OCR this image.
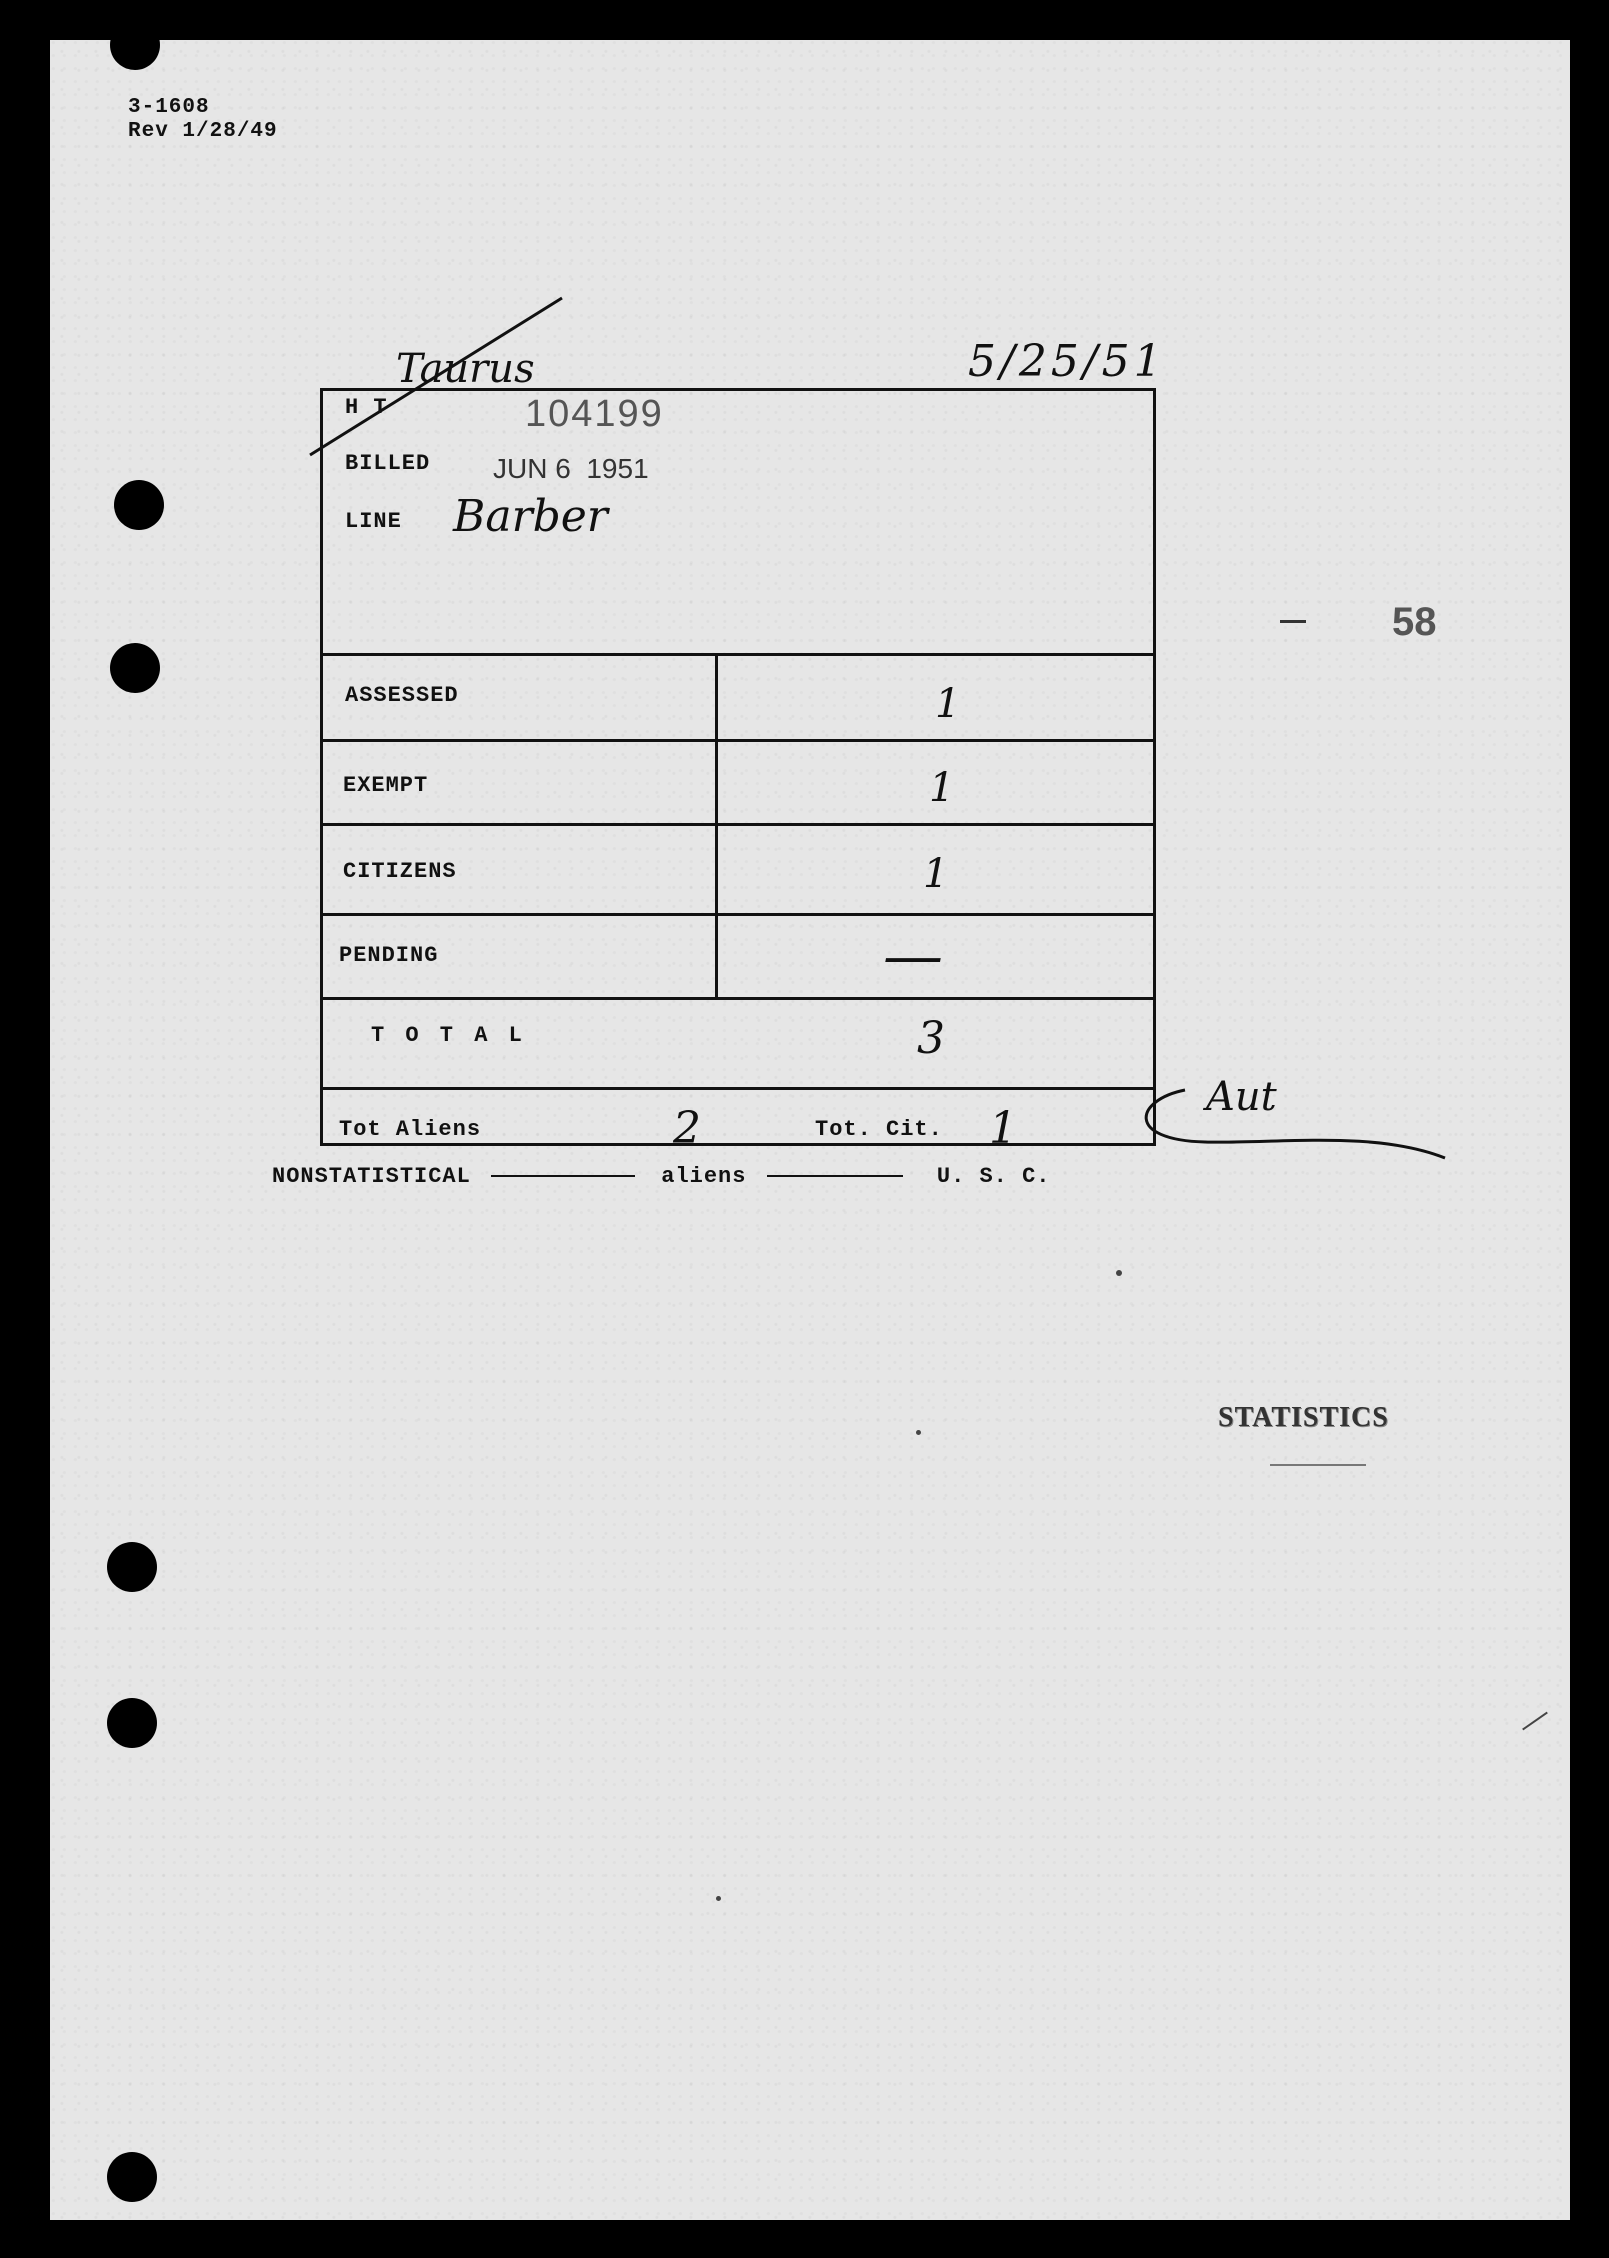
3-1608
Rev 1/28/49
Taurus	5/25/51
58
H T	104199
BILLED JUN 6  1951
LINE Barber
ASSESSED	1
EXEMPT	1
CITIZENS	1
PENDING	—
T O T A L	3
Tot Aliens	2	Tot. Cit. 1
Aut
NONSTATISTICAL	aliens	U. S. C.
STATISTICS
